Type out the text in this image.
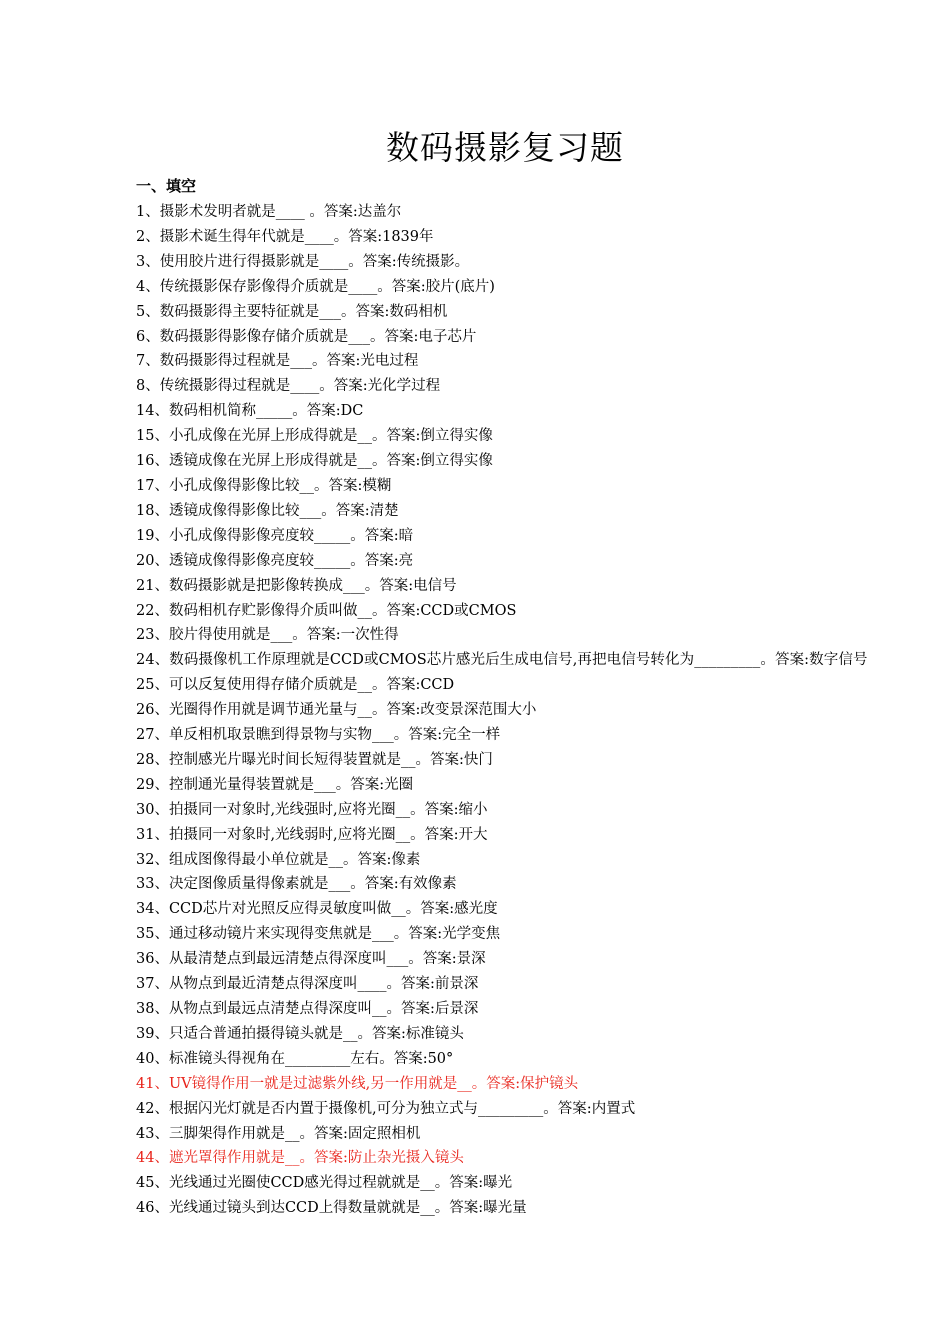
数码摄影复习题
一、填空
1、摄影术发明者就是____ 。答案:达盖尔
2、摄影术诞生得年代就是____。答案:1839年
3、使用胶片进行得摄影就是____。答案:传统摄影。
4、传统摄影保存影像得介质就是____。答案:胶片(底片)
5、数码摄影得主要特征就是___。答案:数码相机
6、数码摄影得影像存储介质就是___。答案:电子芯片
7、数码摄影得过程就是___。答案:光电过程
8、传统摄影得过程就是____。答案:光化学过程
14、数码相机简称_____。答案:DC
15、小孔成像在光屏上形成得就是__。答案:倒立得实像
16、透镜成像在光屏上形成得就是__。答案:倒立得实像
17、小孔成像得影像比较__。答案:模糊
18、透镜成像得影像比较___。答案:清楚
19、小孔成像得影像亮度较_____。答案:暗
20、透镜成像得影像亮度较_____。答案:亮
21、数码摄影就是把影像转换成___。答案:电信号
22、数码相机存贮影像得介质叫做__。答案:CCD或CMOS
23、胶片得使用就是___。答案:一次性得
24、数码摄像机工作原理就是CCD或CMOS芯片感光后生成电信号,再把电信号转化为_________。答案:数字信号
25、可以反复使用得存储介质就是__。答案:CCD
26、光圈得作用就是调节通光量与__。答案:改变景深范围大小
27、单反相机取景瞧到得景物与实物___。答案:完全一样
28、控制感光片曝光时间长短得装置就是__。答案:快门
29、控制通光量得装置就是___。答案:光圈
30、拍摄同一对象时,光线强时,应将光圈__。答案:缩小
31、拍摄同一对象时,光线弱时,应将光圈__。答案:开大
32、组成图像得最小单位就是__。答案:像素
33、决定图像质量得像素就是___。答案:有效像素
34、CCD芯片对光照反应得灵敏度叫做__。答案:感光度
35、通过移动镜片来实现得变焦就是___。答案:光学变焦
36、从最清楚点到最远清楚点得深度叫___。答案:景深
37、从物点到最近清楚点得深度叫____。答案:前景深
38、从物点到最远点清楚点得深度叫__。答案:后景深
39、只适合普通拍摄得镜头就是__。答案:标准镜头
40、标准镜头得视角在_________左右。答案:50°
41、UV镜得作用一就是过滤紫外线,另一作用就是__。答案:保护镜头
42、根据闪光灯就是否内置于摄像机,可分为独立式与_________。答案:内置式
43、三脚架得作用就是__。答案:固定照相机
44、遮光罩得作用就是__。答案:防止杂光摄入镜头
45、光线通过光圈使CCD感光得过程就就是__。答案:曝光
46、光线通过镜头到达CCD上得数量就就是__。答案:曝光量
